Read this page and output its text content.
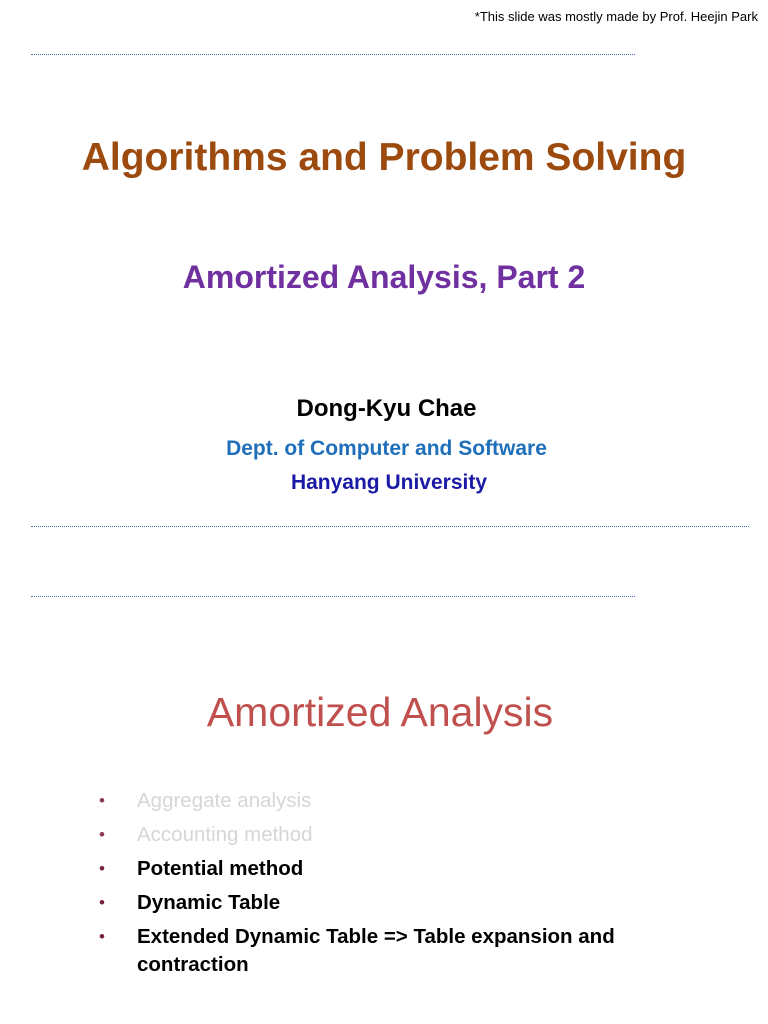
*This slide was mostly made by Prof. Heejin Park
Algorithms and Problem Solving
Amortized Analysis, Part 2
Dong-Kyu Chae
Dept. of Computer and Software
Hanyang University
Amortized Analysis
• Aggregate analysis
• Accounting method
• Potential method
• Dynamic Table
• Extended Dynamic Table => Table expansion and contraction
